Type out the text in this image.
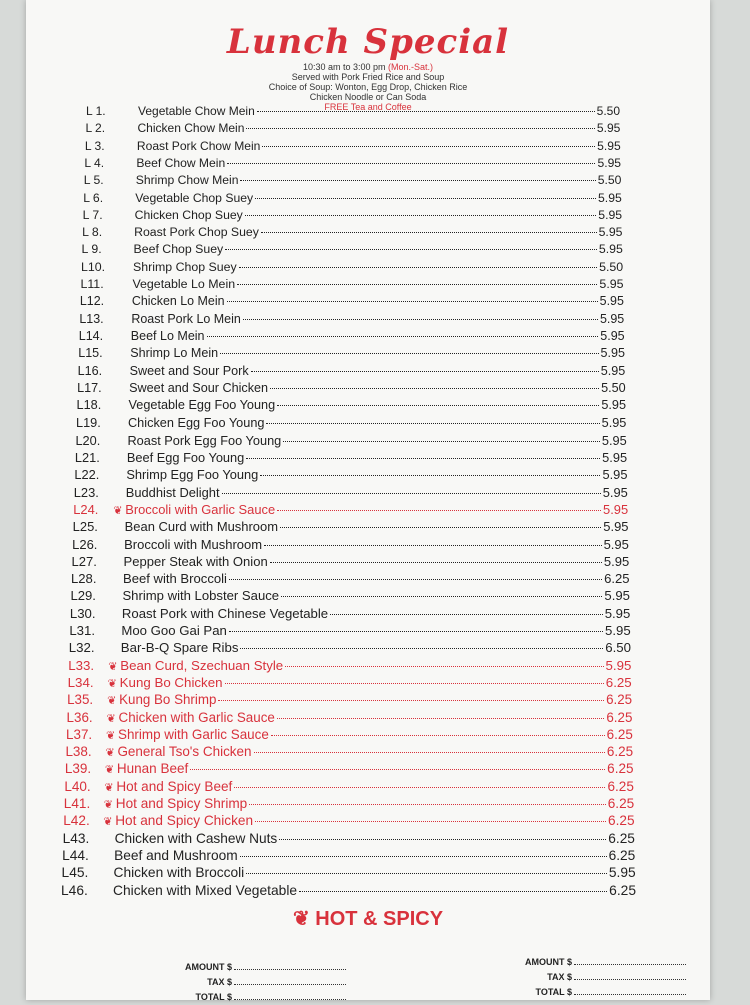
Lunch Special
10:30 am to 3:00 pm (Mon.-Sat.)
Served with Pork Fried Rice and Soup
Choice of Soup: Wonton, Egg Drop, Chicken Rice
Chicken Noodle or Can Soda
FREE Tea and Coffee
L 1.	Vegetable Chow Mein	5.50
L 2.	Chicken Chow Mein	5.95
L 3.	Roast Pork Chow Mein	5.95
L 4.	Beef Chow Mein	5.95
L 5.	Shrimp Chow Mein	5.50
L 6.	Vegetable Chop Suey	5.95
L 7.	Chicken Chop Suey	5.95
L 8.	Roast Pork Chop Suey	5.95
L 9.	Beef Chop Suey	5.95
L10.	Shrimp Chop Suey	5.50
L11.	Vegetable Lo Mein	5.95
L12.	Chicken Lo Mein	5.95
L13.	Roast Pork Lo Mein	5.95
L14.	Beef Lo Mein	5.95
L15.	Shrimp Lo Mein	5.95
L16.	Sweet and Sour Pork	5.95
L17.	Sweet and Sour Chicken	5.50
L18.	Vegetable Egg Foo Young	5.95
L19.	Chicken Egg Foo Young	5.95
L20.	Roast Pork Egg Foo Young	5.95
L21.	Beef Egg Foo Young	5.95
L22.	Shrimp Egg Foo Young	5.95
L23.	Buddhist Delight	5.95
L24.	❦ Broccoli with Garlic Sauce	5.95
L25.	Bean Curd with Mushroom	5.95
L26.	Broccoli with Mushroom	5.95
L27.	Pepper Steak with Onion	5.95
L28.	Beef with Broccoli	6.25
L29.	Shrimp with Lobster Sauce	5.95
L30.	Roast Pork with Chinese Vegetable	5.95
L31.	Moo Goo Gai Pan	5.95
L32.	Bar-B-Q Spare Ribs	6.50
L33.	❦ Bean Curd, Szechuan Style	5.95
L34.	❦ Kung Bo Chicken	6.25
L35.	❦ Kung Bo Shrimp	6.25
L36.	❦ Chicken with Garlic Sauce	6.25
L37.	❦ Shrimp with Garlic Sauce	6.25
L38.	❦ General Tso's Chicken	6.25
L39.	❦ Hunan Beef	6.25
L40.	❦ Hot and Spicy Beef	6.25
L41.	❦ Hot and Spicy Shrimp	6.25
L42.	❦ Hot and Spicy Chicken	6.25
L43.	Chicken with Cashew Nuts	6.25
L44.	Beef and Mushroom	6.25
L45.	Chicken with Broccoli	5.95
L46.	Chicken with Mixed Vegetable	6.25
❦ HOT & SPICY
AMOUNT $
TAX $
TOTAL $
AMOUNT $
TAX $
TOTAL $
